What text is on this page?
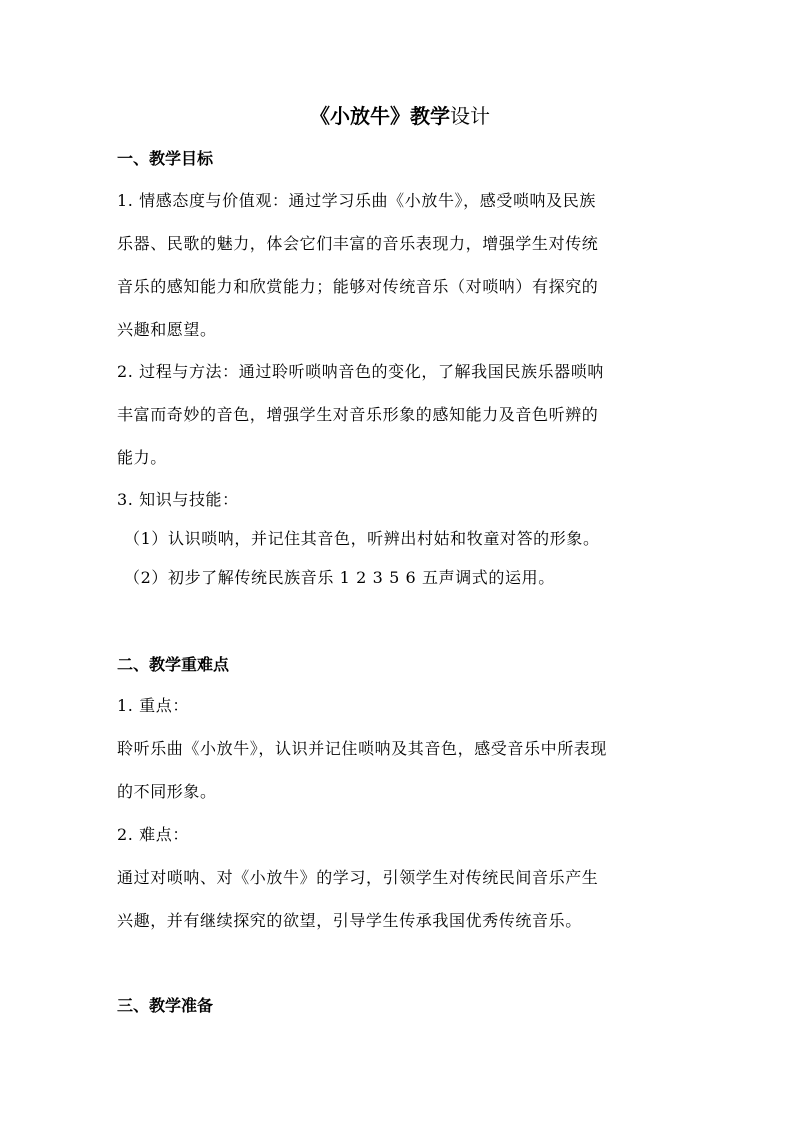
《小放牛》教学设计
一、教学目标
1. 情感态度与价值观：通过学习乐曲《小放牛》，感受唢呐及民族
乐器、民歌的魅力，体会它们丰富的音乐表现力，增强学生对传统
音乐的感知能力和欣赏能力；能够对传统音乐（对唢呐）有探究的
兴趣和愿望。
2. 过程与方法：通过聆听唢呐音色的变化，了解我国民族乐器唢呐
丰富而奇妙的音色，增强学生对音乐形象的感知能力及音色听辨的
能力。
3. 知识与技能：
（1）认识唢呐，并记住其音色，听辨出村姑和牧童对答的形象。
（2）初步了解传统民族音乐 1 2 3 5 6 五声调式的运用。
二、教学重难点
1. 重点：
聆听乐曲《小放牛》，认识并记住唢呐及其音色，感受音乐中所表现
的不同形象。
2. 难点：
通过对唢呐、对《小放牛》的学习，引领学生对传统民间音乐产生
兴趣，并有继续探究的欲望，引导学生传承我国优秀传统音乐。
三、教学准备
